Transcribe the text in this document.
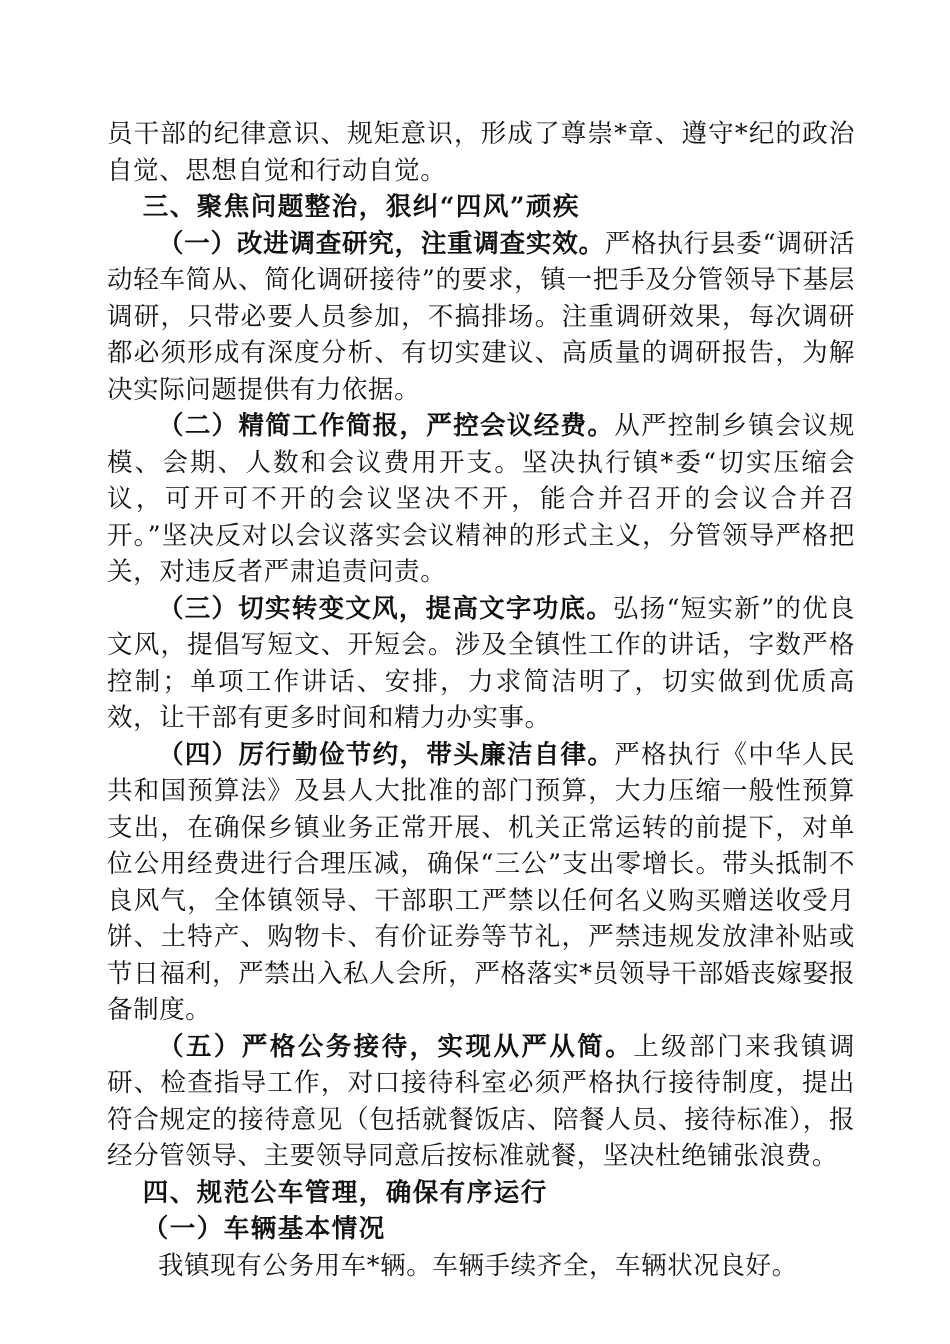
员干部的纪律意识、规矩意识，形成了尊崇*章、遵守*纪的政治自觉、思想自觉和行动自觉。

三、聚焦问题整治，狠纠“四风”顽疾

（一）改进调查研究，注重调查实效。严格执行县委“调研活动轻车简从、简化调研接待”的要求，镇一把手及分管领导下基层调研，只带必要人员参加，不搞排场。注重调研效果，每次调研都必须形成有深度分析、有切实建议、高质量的调研报告，为解决实际问题提供有力依据。

（二）精简工作简报，严控会议经费。从严控制乡镇会议规模、会期、人数和会议费用开支。坚决执行镇*委“切实压缩会议，可开可不开的会议坚决不开，能合并召开的会议合并召开。”坚决反对以会议落实会议精神的形式主义，分管领导严格把关，对违反者严肃追责问责。

（三）切实转变文风，提高文字功底。弘扬“短实新”的优良文风，提倡写短文、开短会。涉及全镇性工作的讲话，字数严格控制；单项工作讲话、安排，力求简洁明了，切实做到优质高效，让干部有更多时间和精力办实事。

（四）厉行勤俭节约，带头廉洁自律。严格执行《中华人民共和国预算法》及县人大批准的部门预算，大力压缩一般性预算支出，在确保乡镇业务正常开展、机关正常运转的前提下，对单位公用经费进行合理压减，确保“三公”支出零增长。带头抵制不良风气，全体镇领导、干部职工严禁以任何名义购买赠送收受月饼、土特产、购物卡、有价证券等节礼，严禁违规发放津补贴或节日福利，严禁出入私人会所，严格落实*员领导干部婚丧嫁娶报备制度。

（五）严格公务接待，实现从严从简。上级部门来我镇调研、检查指导工作，对口接待科室必须严格执行接待制度，提出符合规定的接待意见（包括就餐饭店、陪餐人员、接待标准），报经分管领导、主要领导同意后按标准就餐，坚决杜绝铺张浪费。

四、规范公车管理，确保有序运行

（一）车辆基本情况

我镇现有公务用车*辆。车辆手续齐全，车辆状况良好。
